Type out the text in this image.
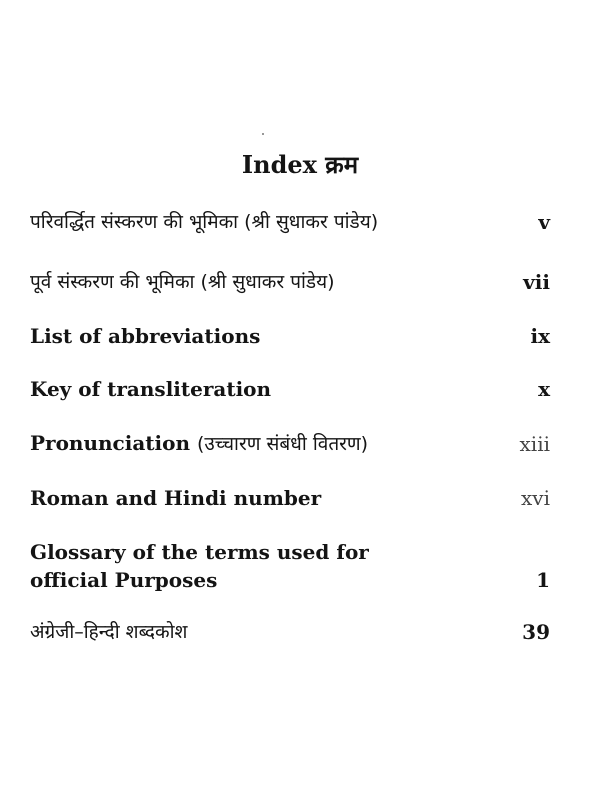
Index क्रम
परिवर्द्धित संस्करण की भूमिका (श्री सुधाकर पांडेय)	v
पूर्व संस्करण की भूमिका (श्री सुधाकर पांडेय)	vii
List of abbreviations	ix
Key of transliteration	x
Pronunciation (उच्चारण संबंधी वितरण)	xiii
Roman and Hindi number	xvi
Glossary of the terms used for
official Purposes	1
अंग्रेजी–हिन्दी शब्दकोश	39
